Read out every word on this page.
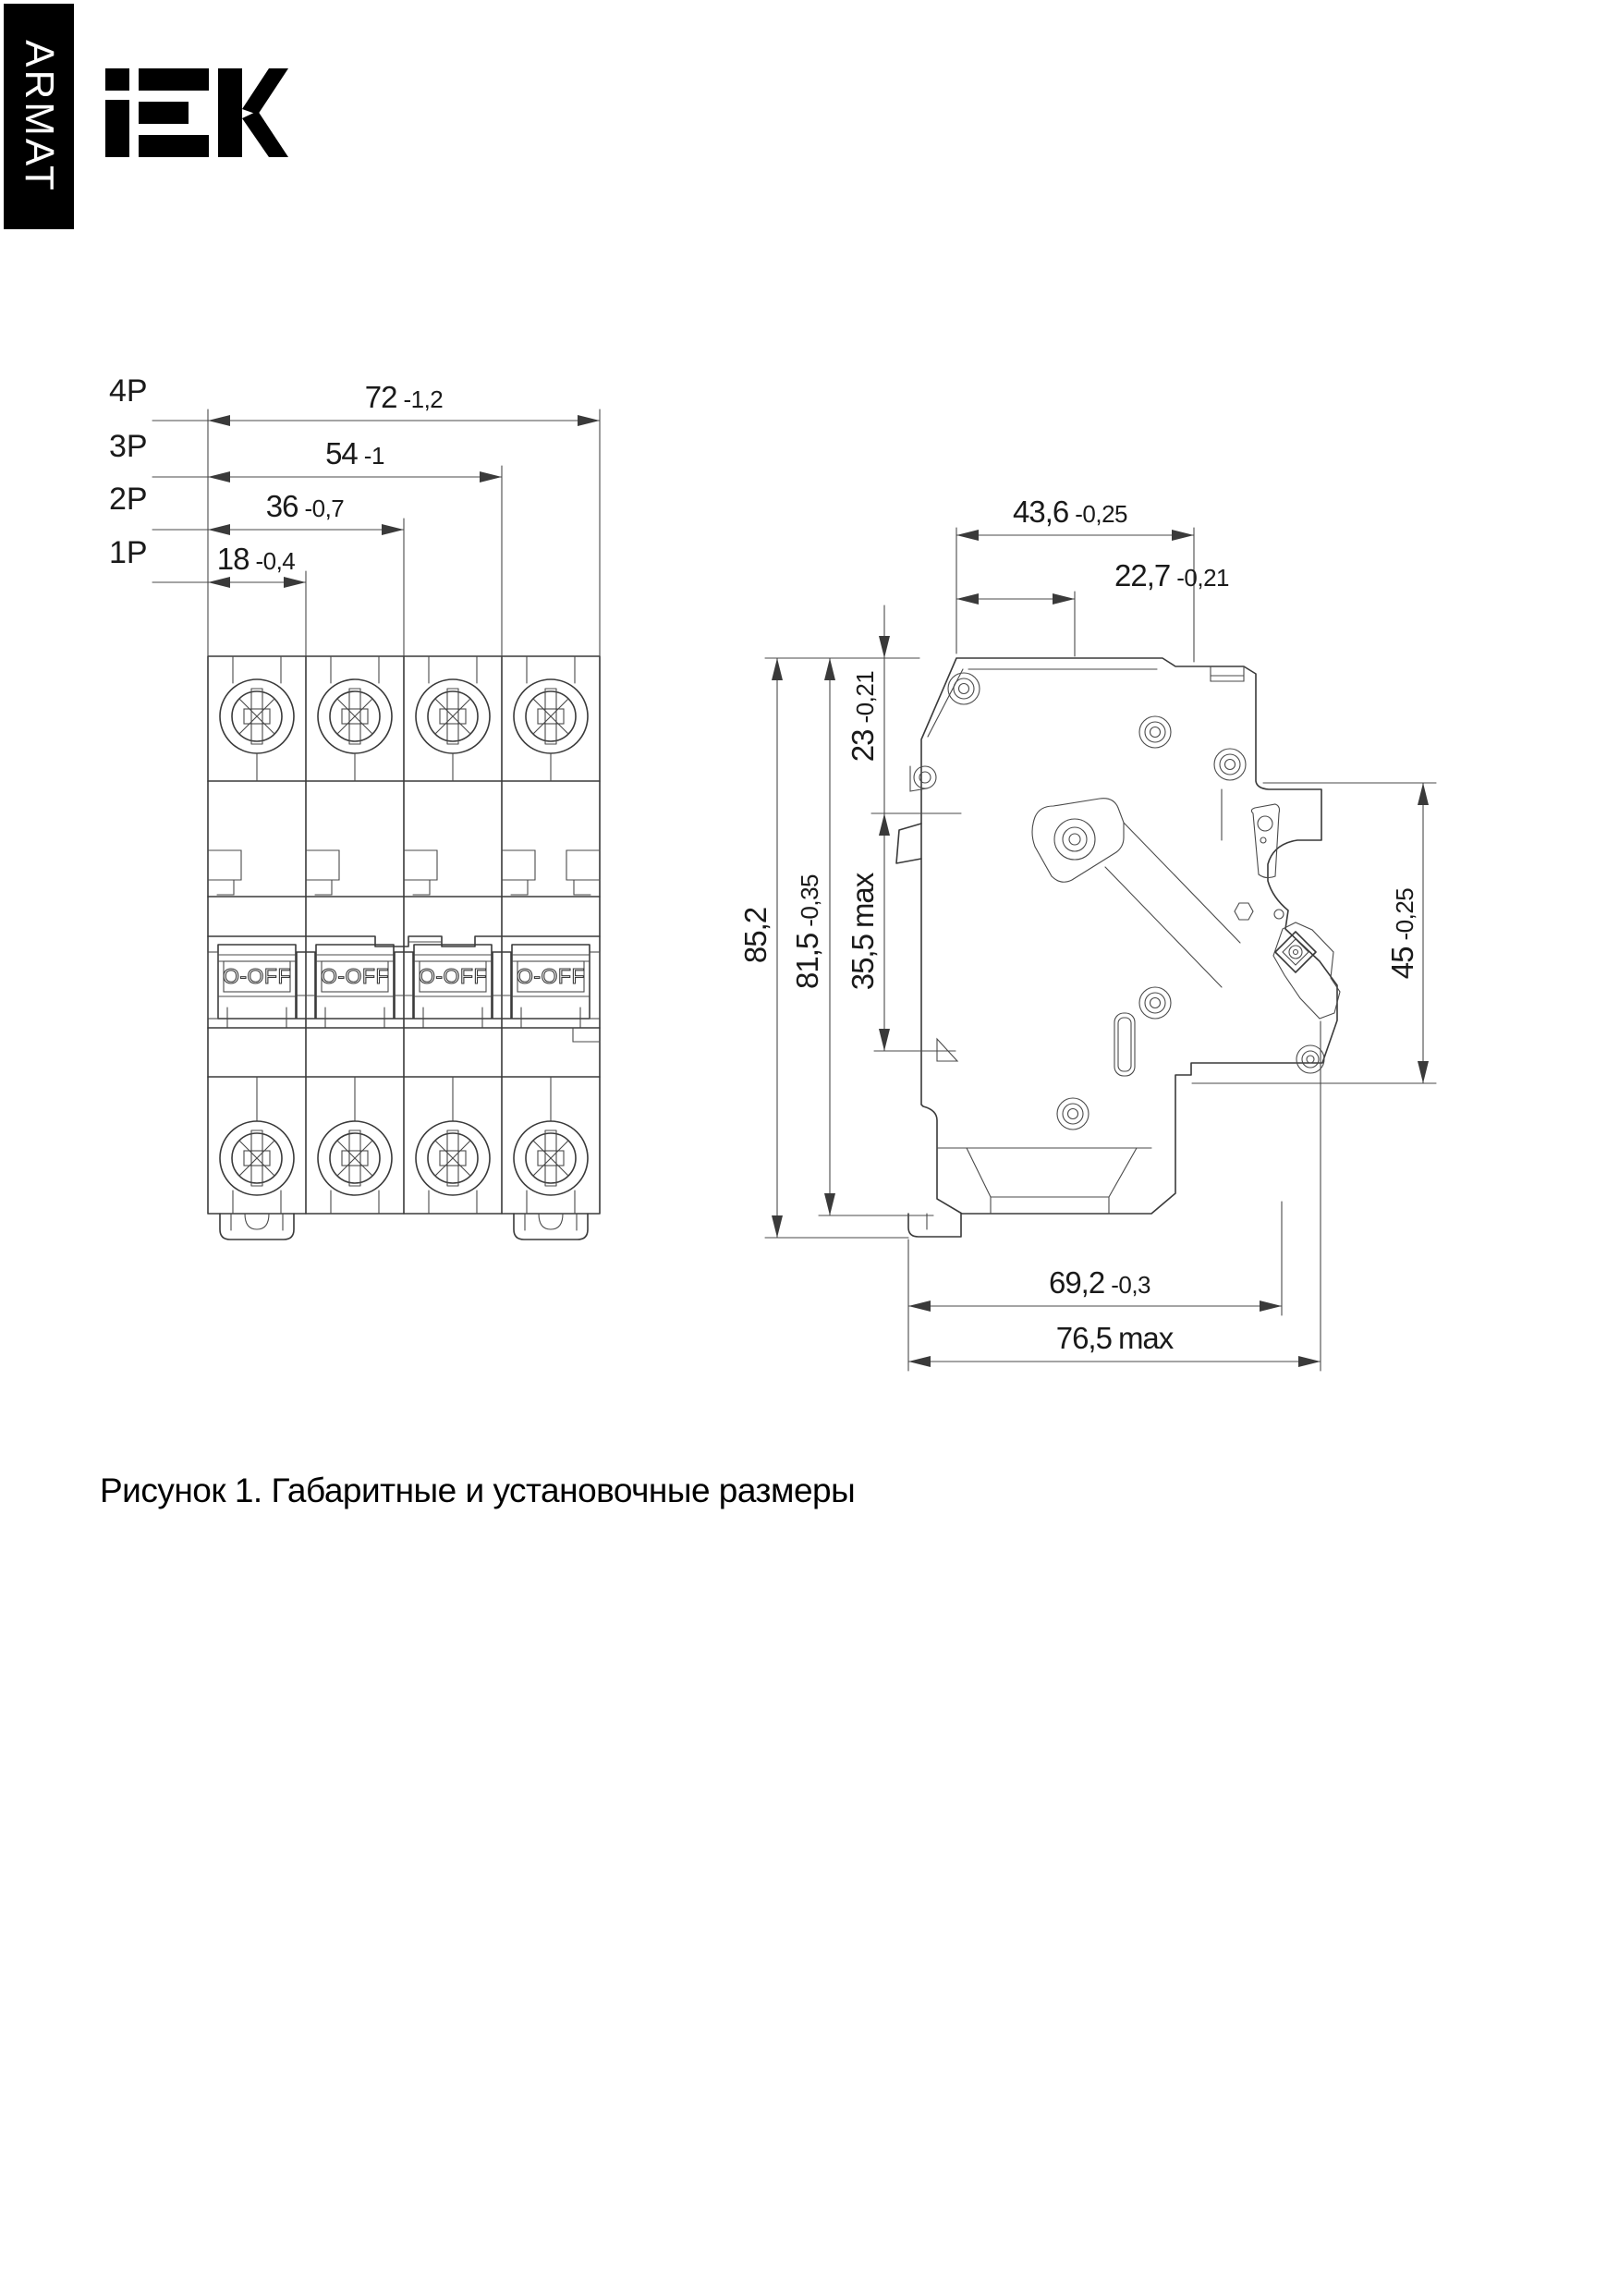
ARMAT
O-OFF O-OFF O-OFF O-OFF
4P
3P
2P
1P
72 -1,2
54 -1
36 -0,7
18 -0,4
43,6 -0,25
22,7 -0,21
69,2 -0,3
76,5 max
85,2 81,5
-0,35
35,5
max
23
-0,21
45
-0,25
Рисунок 1. Габаритные и установочные размеры
